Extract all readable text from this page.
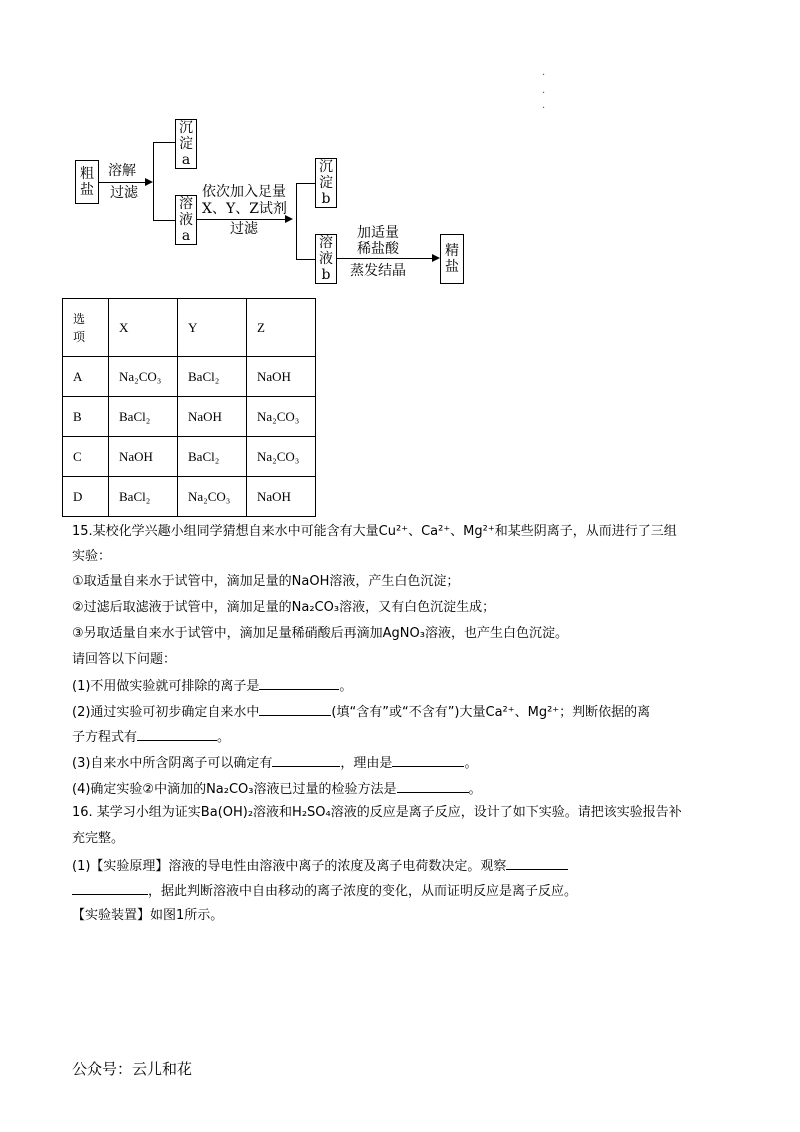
·
·
·
粗
盐
溶解
过滤
沉
淀
a
溶
液
a
依次加入足量
X、Y、Z试剂
过滤
沉
淀
b
溶
液
b
加适量
稀盐酸
蒸发结晶
精
盐
选项	X	Y	Z
A	Na₂CO₃	BaCl₂	NaOH
B	BaCl₂	NaOH	Na₂CO₃
C	NaOH	BaCl₂	Na₂CO₃
D	BaCl₂	Na₂CO₃	NaOH
15.某校化学兴趣小组同学猜想自来水中可能含有大量Cu²⁺、Ca²⁺、Mg²⁺和某些阴离子，从而进行了三组
实验：
①取适量自来水于试管中，滴加足量的NaOH溶液，产生白色沉淀；
②过滤后取滤液于试管中，滴加足量的Na₂CO₃溶液，又有白色沉淀生成；
③另取适量自来水于试管中，滴加足量稀硝酸后再滴加AgNO₃溶液，也产生白色沉淀。
请回答以下问题：
(1)不用做实验就可排除的离子是	。
(2)通过实验可初步确定自来水中	(填“含有”或“不含有”)大量Ca²⁺、Mg²⁺；判断依据的离
子方程式有	。
(3)自来水中所含阴离子可以确定有	，理由是	。
(4)确定实验②中滴加的Na₂CO₃溶液已过量的检验方法是	。
16. 某学习小组为证实Ba(OH)₂溶液和H₂SO₄溶液的反应是离子反应，设计了如下实验。请把该实验报告补
充完整。
(1)【实验原理】溶液的导电性由溶液中离子的浓度及离子电荷数决定。观察
，据此判断溶液中自由移动的离子浓度的变化，从而证明反应是离子反应。
【实验装置】如图1所示。
公众号：云儿和花
